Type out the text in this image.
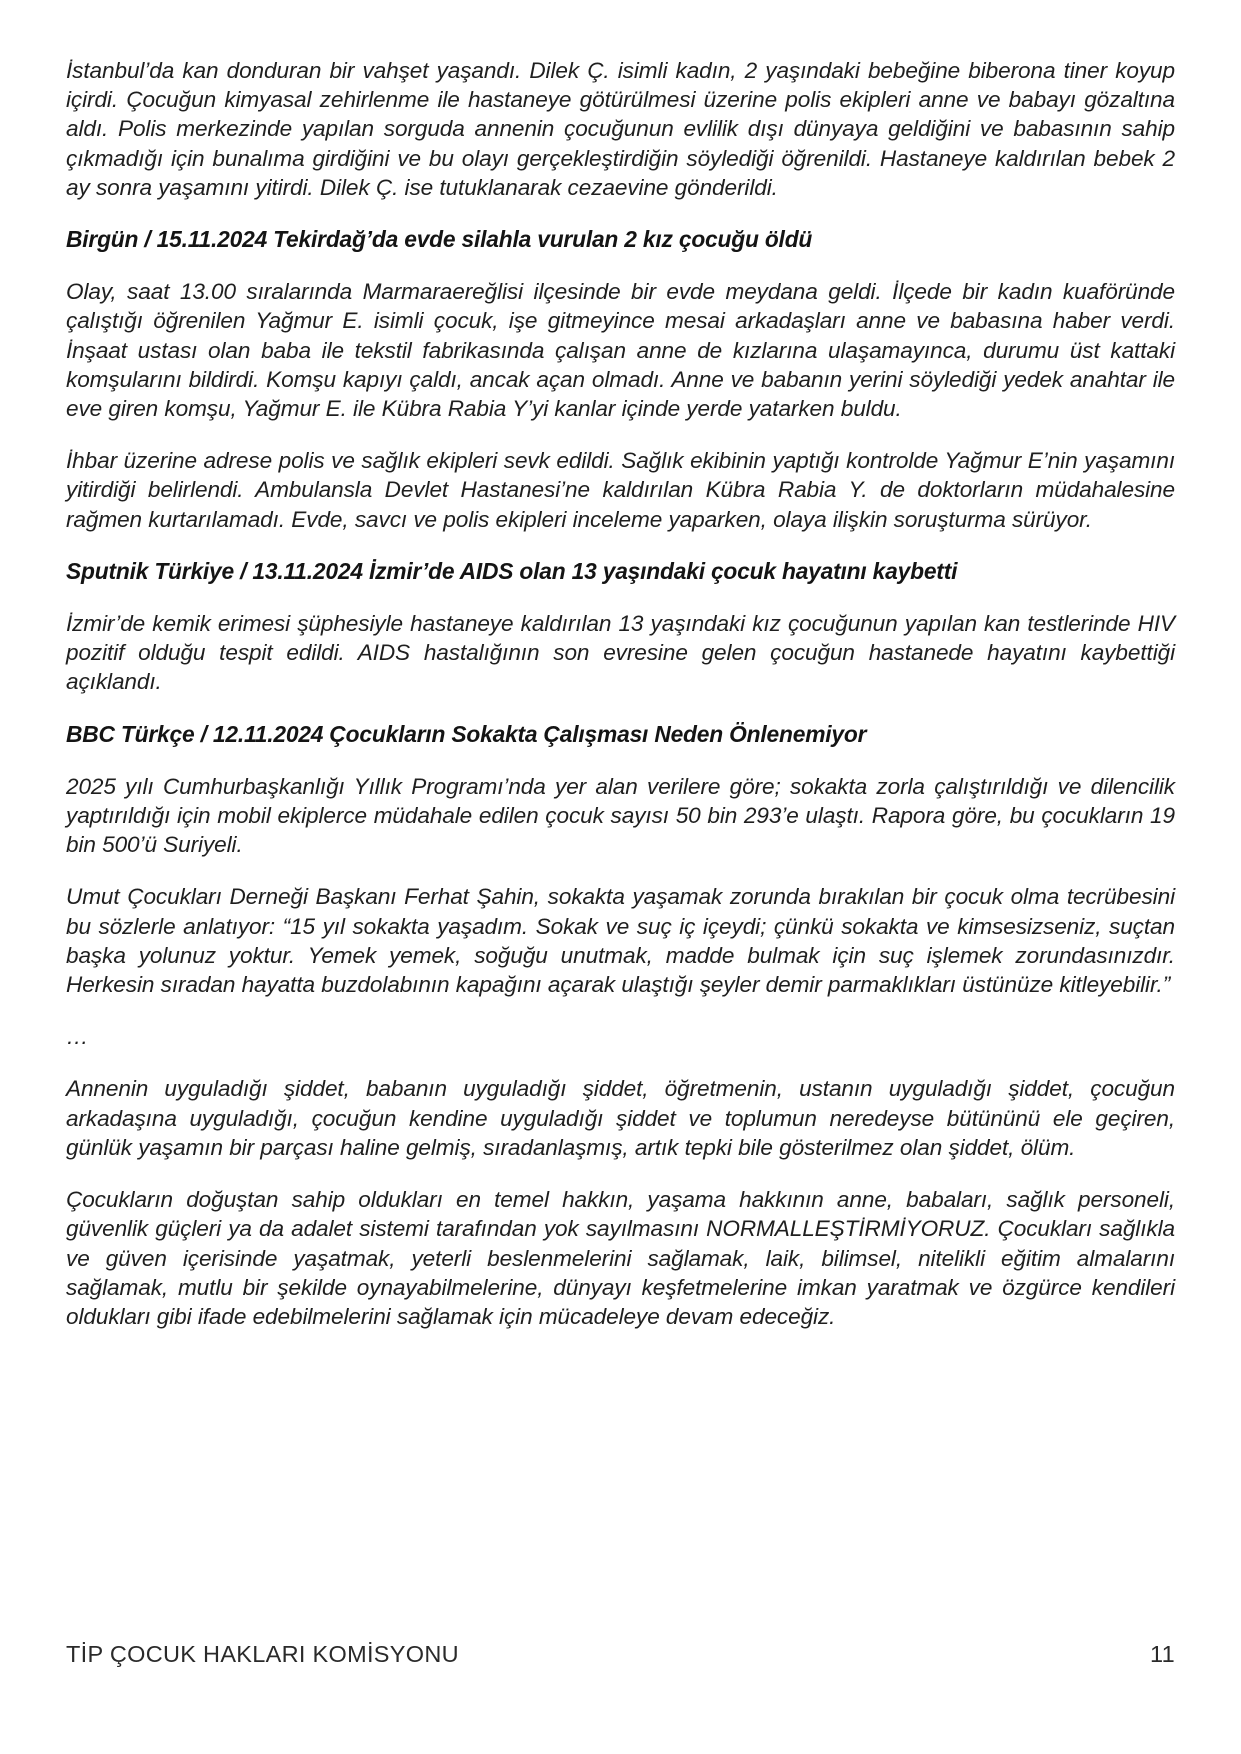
İstanbul’da kan donduran bir vahşet yaşandı. Dilek Ç. isimli kadın, 2 yaşındaki bebeğine biberona tiner koyup içirdi. Çocuğun kimyasal zehirlenme ile hastaneye götürülmesi üzerine polis ekipleri anne ve babayı gözaltına aldı. Polis merkezinde yapılan sorguda annenin çocuğunun evlilik dışı dünyaya geldiğini ve babasının sahip çıkmadığı için bunalıma girdiğini ve bu olayı gerçekleştirdiğin söylediği öğrenildi. Hastaneye kaldırılan bebek 2 ay sonra yaşamını yitirdi. Dilek Ç. ise tutuklanarak cezaevine gönderildi.

Birgün / 15.11.2024 Tekirdağ’da evde silahla vurulan 2 kız çocuğu öldü

Olay, saat 13.00 sıralarında Marmaraereğlisi ilçesinde bir evde meydana geldi. İlçede bir kadın kuaföründe çalıştığı öğrenilen Yağmur E. isimli çocuk, işe gitmeyince mesai arkadaşları anne ve babasına haber verdi. İnşaat ustası olan baba ile tekstil fabrikasında çalışan anne de kızlarına ulaşamayınca, durumu üst kattaki komşularını bildirdi. Komşu kapıyı çaldı, ancak açan olmadı. Anne ve babanın yerini söylediği yedek anahtar ile eve giren komşu, Yağmur E. ile Kübra Rabia Y’yi kanlar içinde yerde yatarken buldu.

İhbar üzerine adrese polis ve sağlık ekipleri sevk edildi. Sağlık ekibinin yaptığı kontrolde Yağmur E’nin yaşamını yitirdiği belirlendi. Ambulansla Devlet Hastanesi’ne kaldırılan Kübra Rabia Y. de doktorların müdahalesine rağmen kurtarılamadı. Evde, savcı ve polis ekipleri inceleme yaparken, olaya ilişkin soruşturma sürüyor.

Sputnik Türkiye / 13.11.2024 İzmir’de AIDS olan 13 yaşındaki çocuk hayatını kaybetti

İzmir’de kemik erimesi şüphesiyle hastaneye kaldırılan 13 yaşındaki kız çocuğunun yapılan kan testlerinde HIV pozitif olduğu tespit edildi. AIDS hastalığının son evresine gelen çocuğun hastanede hayatını kaybettiği açıklandı.

BBC Türkçe / 12.11.2024 Çocukların Sokakta Çalışması Neden Önlenemiyor

2025 yılı Cumhurbaşkanlığı Yıllık Programı’nda yer alan verilere göre; sokakta zorla çalıştırıldığı ve dilencilik yaptırıldığı için mobil ekiplerce müdahale edilen çocuk sayısı 50 bin 293’e ulaştı. Rapora göre, bu çocukların 19 bin 500’ü Suriyeli.

Umut Çocukları Derneği Başkanı Ferhat Şahin, sokakta yaşamak zorunda bırakılan bir çocuk olma tecrübesini bu sözlerle anlatıyor: “15 yıl sokakta yaşadım. Sokak ve suç iç içeydi; çünkü sokakta ve kimsesizseniz, suçtan başka yolunuz yoktur. Yemek yemek, soğuğu unutmak, madde bulmak için suç işlemek zorundasınızdır. Herkesin sıradan hayatta buzdolabının kapağını açarak ulaştığı şeyler demir parmaklıkları üstünüze kitleyebilir.”

…

Annenin uyguladığı şiddet, babanın uyguladığı şiddet, öğretmenin, ustanın uyguladığı şiddet, çocuğun arkadaşına uyguladığı, çocuğun kendine uyguladığı şiddet ve toplumun neredeyse bütününü ele geçiren, günlük yaşamın bir parçası haline gelmiş, sıradanlaşmış, artık tepki bile gösterilmez olan şiddet, ölüm.

Çocukların doğuştan sahip oldukları en temel hakkın, yaşama hakkının anne, babaları, sağlık personeli, güvenlik güçleri ya da adalet sistemi tarafından yok sayılmasını NORMALLEŞTİRMİYORUZ. Çocukları sağlıkla ve güven içerisinde yaşatmak, yeterli beslenmelerini sağlamak, laik, bilimsel, nitelikli eğitim almalarını sağlamak, mutlu bir şekilde oynayabilmelerine, dünyayı keşfetmelerine imkan yaratmak ve özgürce kendileri oldukları gibi ifade edebilmelerini sağlamak için mücadeleye devam edeceğiz.

TİP ÇOCUK HAKLARI KOMİSYONU	11
